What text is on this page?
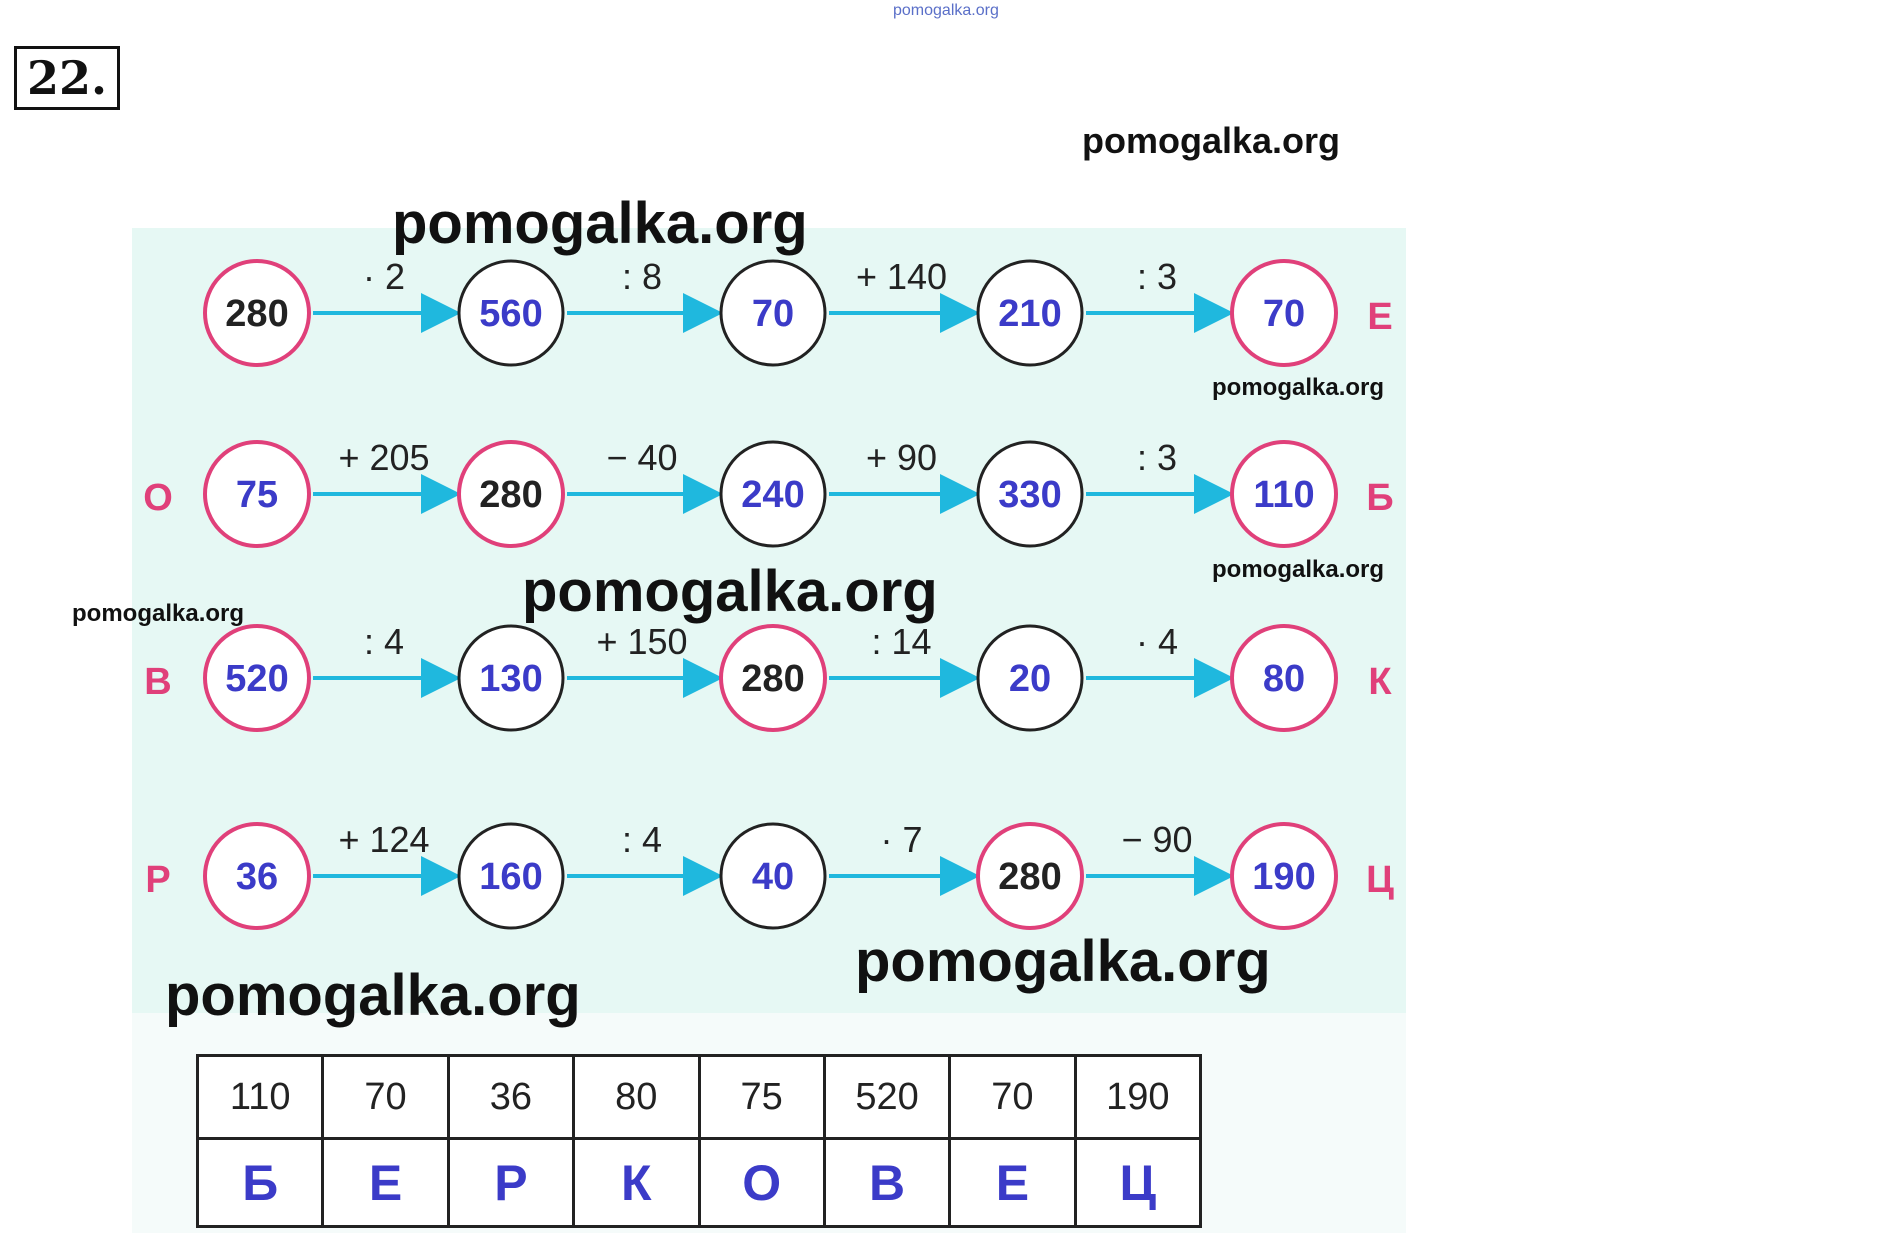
22.
Е
· 2	: 8	+ 140	: 3
280	560	70	210	70
О	Б
+ 205	− 40	+ 90	: 3
75	280	240	330	110
В	К
: 4	+ 150	: 14	· 4
520	130	280	20	80
Р	Ц
+ 124	: 4	· 7	− 90
36	160	40	280	190
pomogalka.org
pomogalka.org
pomogalka.org
pomogalka.org
pomogalka.org
pomogalka.org
pomogalka.org
pomogalka.org
pomogalka.org
110	70	36	80	75	520	70	190
Б	Е	Р	К	О	В	Е	Ц
